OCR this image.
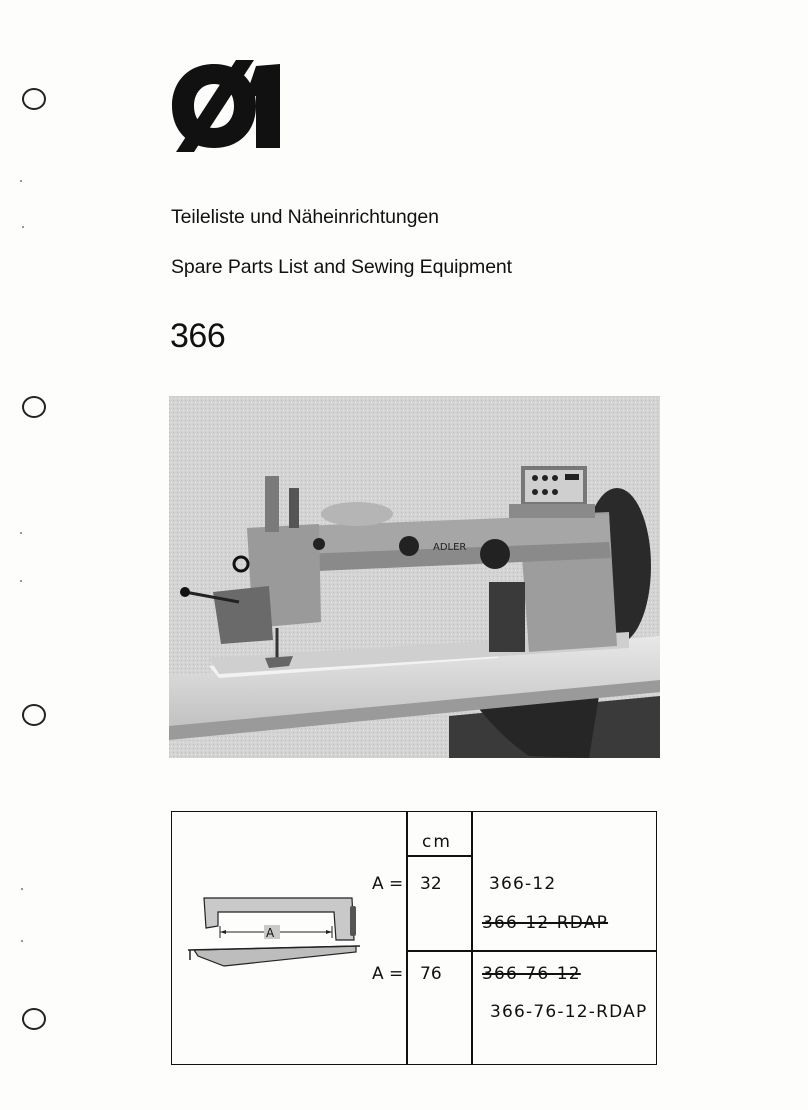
Teileliste und Näheinrichtungen
Spare Parts List and Sewing Equipment
366
ADLER
cm
A = 32	366-12
366-12-RDAP
A = 76 366-76-12
366-76-12-RDAP
A
